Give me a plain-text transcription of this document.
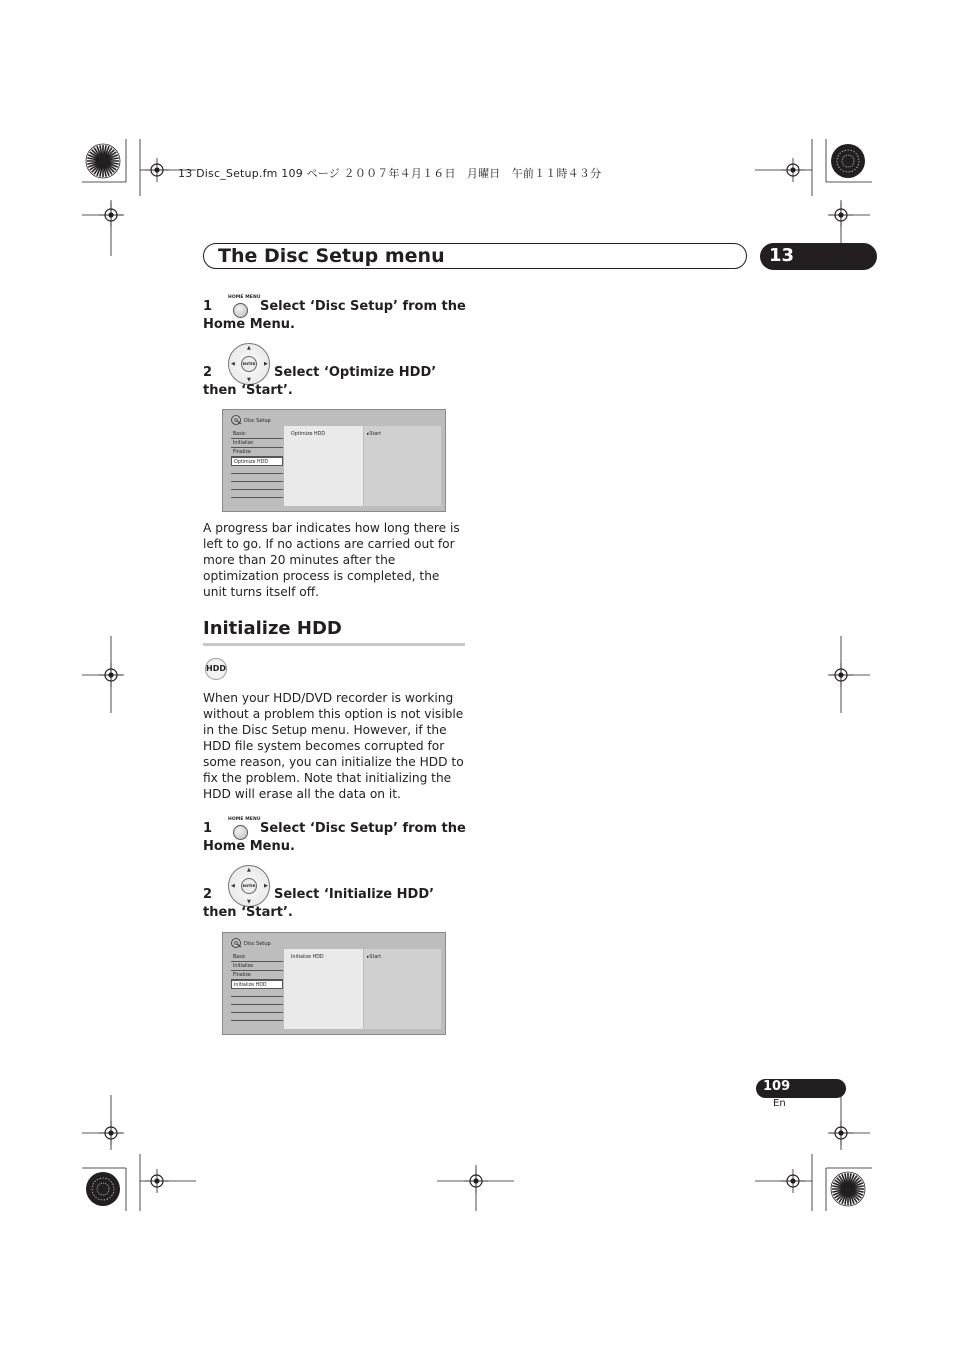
13 Disc_Setup.fm 109 ページ ２００７年４月１６日　月曜日　午前１１時４３分
The Disc Setup menu	13
HOME MENU
1	Select ‘Disc Setup’ from the Home Menu.
▲
▼
◀	▶
ENTER
2	Select ‘Optimize HDD’ then ‘Start’.
Disc Setup
Basic
Initialize
Finalize
Optimize HDD
Optimize HDD	▸Start
A progress bar indicates how long there is left to go. If no actions are carried out for more than 20 minutes after the optimization process is completed, the unit turns itself off.
Initialize HDD
HDD
When your HDD/DVD recorder is working without a problem this option is not visible in the Disc Setup menu. However, if the HDD file system becomes corrupted for some reason, you can initialize the HDD to fix the problem. Note that initializing the HDD will erase all the data on it.
HOME MENU
1	Select ‘Disc Setup’ from the Home Menu.
▲
▼
◀	▶
ENTER
2	Select ‘Initialize HDD’ then ‘Start’.
Disc Setup
Basic
Initialize
Finalize
Initialize HDD
Initialize HDD	▸Start
109
En
